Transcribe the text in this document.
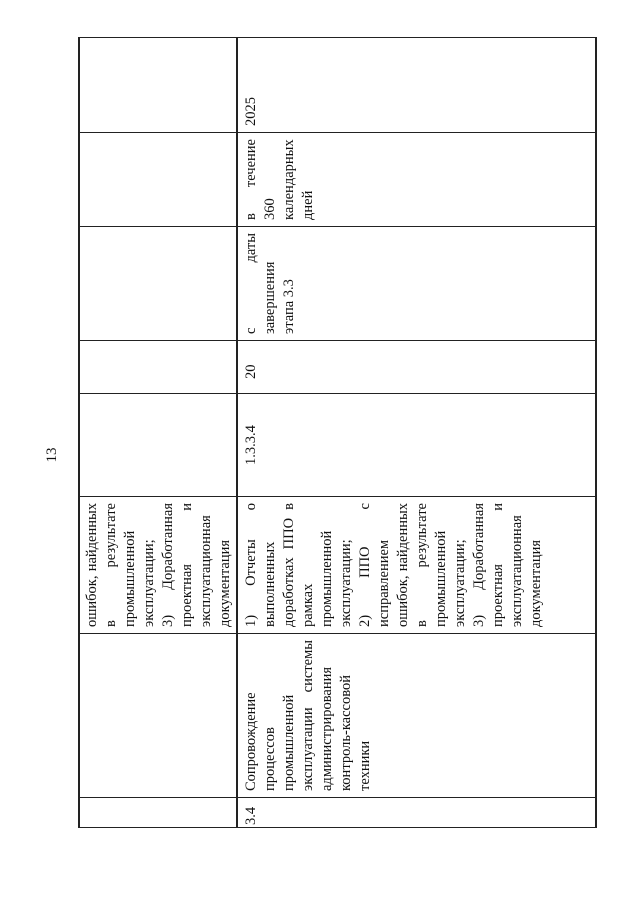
13

ошибок, найденных в результате промышленной эксплуатации; 3) Доработанная проектная и эксплуатационная документация

3.4

Сопровождение процессов промышленной эксплуатации системы администрирования контроль-кассовой техники

1) Отчеты о выполненных доработках ППО в рамках промышленной эксплуатации; 2) ППО с исправлением ошибок, найденных в результате промышленной эксплуатации; 3) Доработанная проектная и эксплуатационная документация

1.3.3.4

20

с даты завершения этапа 3.3

в течение 360 календарных дней

2025
